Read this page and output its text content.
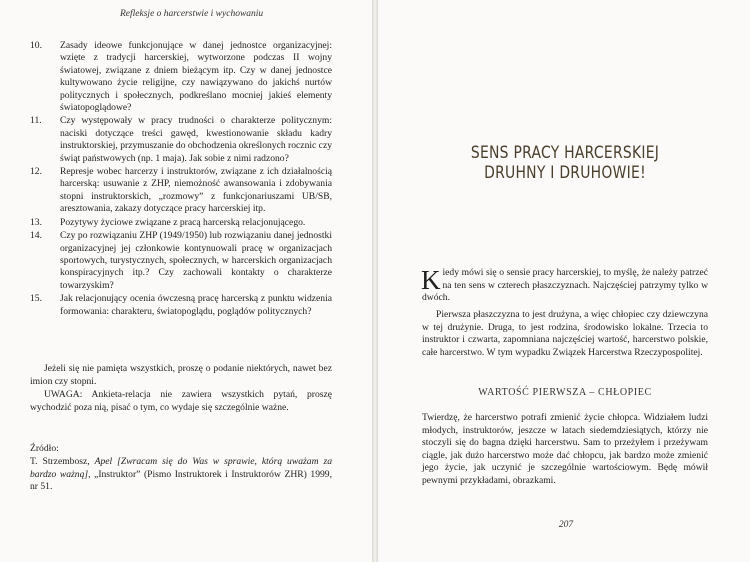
Refleksje o harcerstwie i wychowaniu
10.	Zasady ideowe funkcjonujące w danej jednostce organizacyjnej: wzięte z tradycji harcerskiej, wytworzone podczas II wojny światowej, związane z dniem bieżącym itp. Czy w danej jednostce kultywowano życie religijne, czy nawiązywano do jakichś nurtów politycznych i społecznych, podkreślano mocniej jakieś elementy światopoglądowe?
11.	Czy występowały w pracy trudności o charakterze politycznym: naciski dotyczące treści gawęd, kwestionowanie składu kadry instruktorskiej, przymuszanie do obchodzenia określonych rocznic czy świąt państwowych (np. 1 maja). Jak sobie z nimi radzono?
12.	Represje wobec harcerzy i instruktorów, związane z ich działalnością harcerską: usuwanie z ZHP, niemożność awansowania i zdobywania stopni instruktorskich, „rozmowy” z funkcjonariuszami UB/SB, aresztowania, zakazy dotyczące pracy harcerskiej itp.
13.	Pozytywy życiowe związane z pracą harcerską relacjonującego.
14.	Czy po rozwiązaniu ZHP (1949/1950) lub rozwiązaniu danej jednostki organizacyjnej jej członkowie kontynuowali pracę w organizacjach sportowych, turystycznych, społecznych, w harcerskich organizacjach konspiracyjnych itp.? Czy zachowali kontakty o charakterze towarzyskim?
15.	Jak relacjonujący ocenia ówczesną pracę harcerską z punktu widzenia formowania: charakteru, światopoglądu, poglądów politycznych?

Jeżeli się nie pamięta wszystkich, proszę o podanie niektórych, nawet bez imion czy stopni.

UWAGA: Ankieta-relacja nie zawiera wszystkich pytań, proszę wychodzić poza nią, pisać o tym, co wydaje się szczególnie ważne.

Źródło:

T. Strzembosz, Apel [Zwracam się do Was w sprawie, którą uważam za bardzo ważną], „Instruktor” (Pismo Instruktorek i Instruktorów ZHR) 1999, nr 51.

SENS PRACY HARCERSKIEJ
DRUHNY I DRUHOWIE!

Kiedy mówi się o sensie pracy harcerskiej, to myślę, że należy patrzeć na ten sens w czterech płaszczyznach. Najczęściej patrzymy tylko w dwóch.

Pierwsza płaszczyzna to jest drużyna, a więc chłopiec czy dziewczyna w tej drużynie. Druga, to jest rodzina, środowisko lokalne. Trzecia to instruktor i czwarta, zapomniana najczęściej wartość, harcerstwo polskie, całe harcerstwo. W tym wypadku Związek Harcerstwa Rzeczypospolitej.

WARTOŚĆ PIERWSZA – CHŁOPIEC

Twierdzę, że harcerstwo potrafi zmienić życie chłopca. Widziałem ludzi młodych, instruktorów, jeszcze w latach siedemdziesiątych, którzy nie stoczyli się do bagna dzięki harcerstwu. Sam to przeżyłem i przeżywam ciągle, jak dużo harcerstwo może dać chłopcu, jak bardzo może zmienić jego życie, jak uczynić je szczególnie wartościowym. Będę mówił pewnymi przykładami, obrazkami.

207
